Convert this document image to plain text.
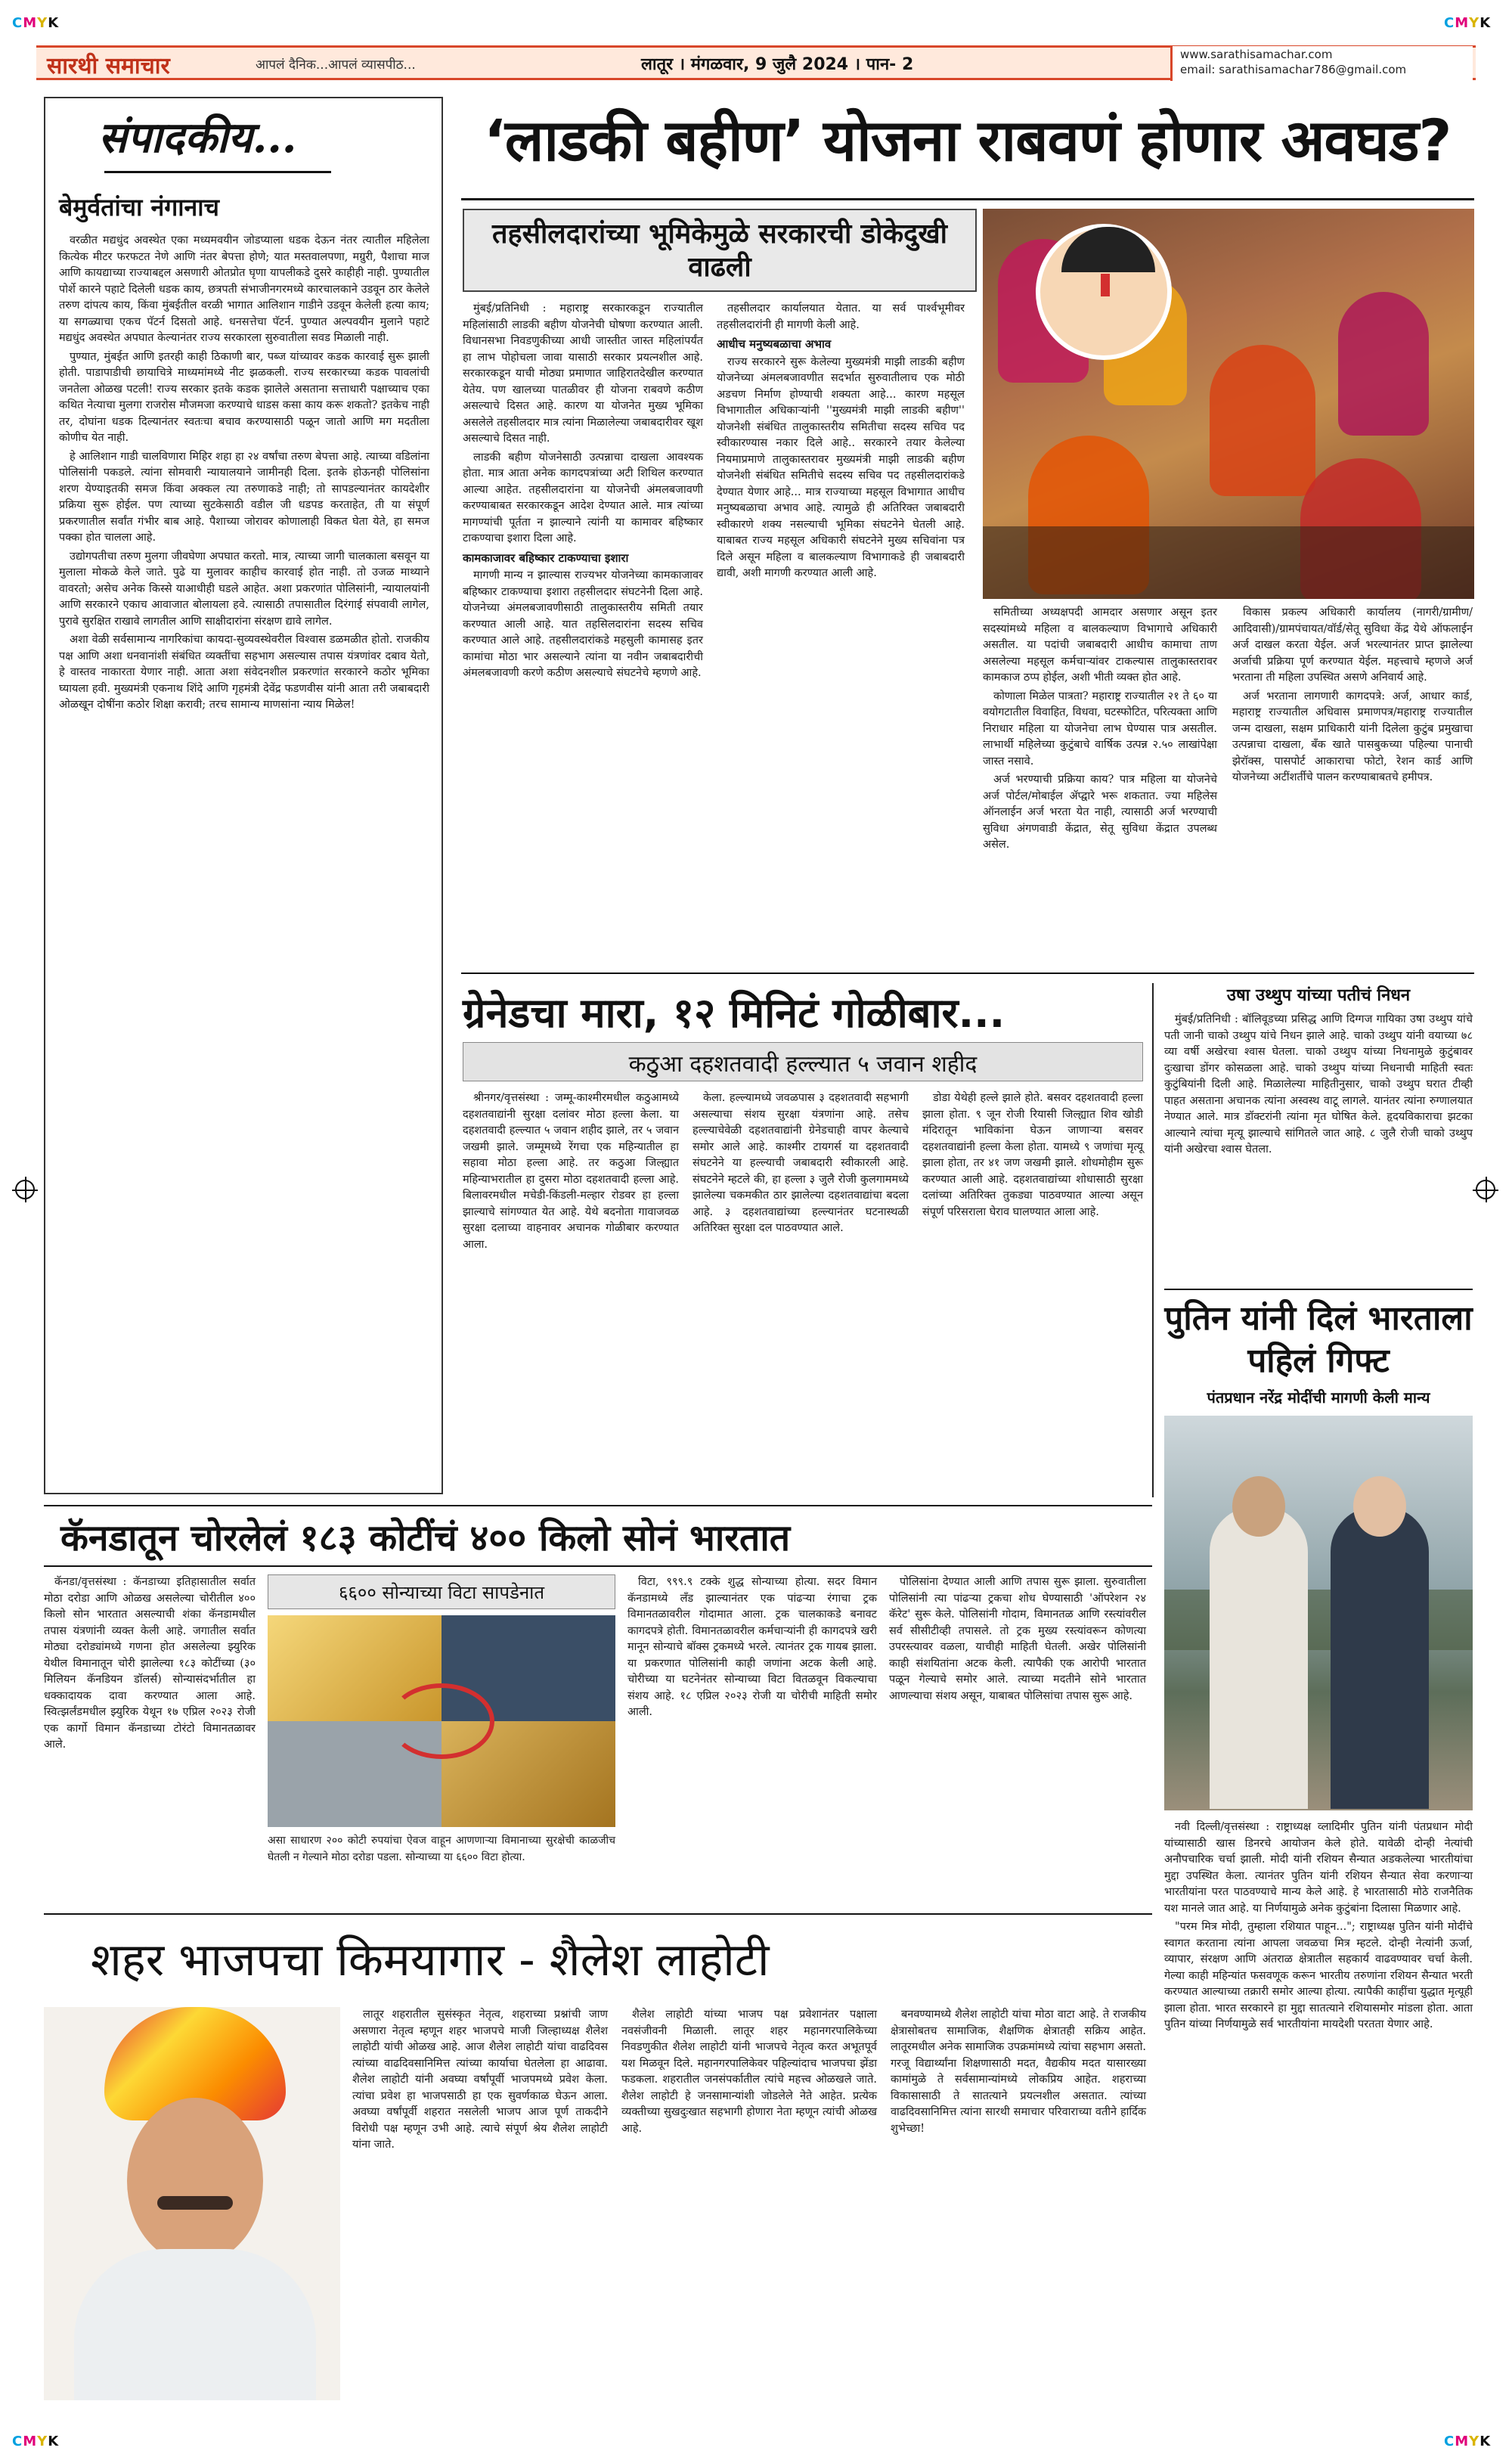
CMYK	CMYK
CMYK	CMYK
सारथी समाचार	आपलं दैनिक...आपलं व्यासपीठ...	लातूर । मंगळवार, 9 जुलै 2024 । पान- 2
www.sarathisamachar.com
email: sarathisamachar786@gmail.com
संपादकीय...
बेमुर्वतांचा नंगानाच

वरळीत मद्यधुंद अवस्थेत एका मध्यमवयीन जोडप्याला धडक देऊन नंतर त्यातील महिलेला कित्येक मीटर फरफटत नेणे आणि नंतर बेपत्ता होणे; यात मस्तवालपणा, मग्रुरी, पैशाचा माज आणि कायद्याच्या राज्याबद्दल असणारी ओतप्रोत घृणा यापलीकडे दुसरे काहीही नाही. पुण्यातील पोर्शे कारने पहाटे दिलेली धडक काय, छत्रपती संभाजीनगरमध्ये कारचालकाने उडवून ठार केलेले तरुण दांपत्य काय, किंवा मुंबईतील वरळी भागात आलिशान गाडीने उडवून केलेली हत्या काय; या सगळ्याचा एकच पॅटर्न दिसतो आहे. धनसत्तेचा पॅटर्न. पुण्यात अल्पवयीन मुलाने पहाटे मद्यधुंद अवस्थेत अपघात केल्यानंतर राज्य सरकारला सुरुवातीला सवड मिळाली नाही.

पुण्यात, मुंबईत आणि इतरही काही ठिकाणी बार, पब्ज यांच्यावर कडक कारवाई सुरू झाली होती. पाडापाडीची छायाचित्रे माध्यमांमध्ये नीट झळकली. राज्य सरकारच्या कडक पावलांची जनतेला ओळख पटली! राज्य सरकार इतके कडक झालेले असताना सत्ताधारी पक्षाच्याच एका कथित नेत्याचा मुलगा राजरोस मौजमजा करण्याचे धाडस कसा काय करू शकतो? इतकेच नाही तर, दोघांना धडक दिल्यानंतर स्वतःचा बचाव करण्यासाठी पळून जातो आणि मग मदतीला कोणीच येत नाही.

हे आलिशान गाडी चालविणारा मिहिर शहा हा २४ वर्षांचा तरुण बेपत्ता आहे. त्याच्या वडिलांना पोलिसांनी पकडले. त्यांना सोमवारी न्यायालयाने जामीनही दिला. इतके होऊनही पोलिसांना शरण येण्याइतकी समज किंवा अक्कल त्या तरुणाकडे नाही; तो सापडल्यानंतर कायदेशीर प्रक्रिया सुरू होईल. पण त्याच्या सुटकेसाठी वडील जी धडपड करताहेत, ती या संपूर्ण प्रकरणातील सर्वांत गंभीर बाब आहे. पैशाच्या जोरावर कोणालाही विकत घेता येते, हा समज पक्का होत चालला आहे.

उद्योगपतीचा तरुण मुलगा जीवघेणा अपघात करतो. मात्र, त्याच्या जागी चालकाला बसवून या मुलाला मोकळे केले जाते. पुढे या मुलावर काहीच कारवाई होत नाही. तो उजळ माथ्याने वावरतो; असेच अनेक किस्से याआधीही घडले आहेत. अशा प्रकरणांत पोलिसांनी, न्यायालयांनी आणि सरकारने एकाच आवाजात बोलायला हवे. त्यासाठी तपासातील दिरंगाई संपवावी लागेल, पुरावे सुरक्षित राखावे लागतील आणि साक्षीदारांना संरक्षण द्यावे लागेल.

अशा वेळी सर्वसामान्य नागरिकांचा कायदा-सुव्यवस्थेवरील विश्वास डळमळीत होतो. राजकीय पक्ष आणि अशा धनवानांशी संबंधित व्यक्तींचा सहभाग असल्यास तपास यंत्रणांवर दबाव येतो, हे वास्तव नाकारता येणार नाही. आता अशा संवेदनशील प्रकरणांत सरकारने कठोर भूमिका घ्यायला हवी. मुख्यमंत्री एकनाथ शिंदे आणि गृहमंत्री देवेंद्र फडणवीस यांनी आता तरी जबाबदारी ओळखून दोषींना कठोर शिक्षा करावी; तरच सामान्य माणसांना न्याय मिळेल!

‘लाडकी बहीण’ योजना राबवणं होणार अवघड?
तहसीलदारांच्या भूमिकेमुळे सरकारची डोकेदुखी वाढली

मुंबई/प्रतिनिधी : महाराष्ट्र सरकारकडून राज्यातील महिलांसाठी लाडकी बहीण योजनेची घोषणा करण्यात आली. विधानसभा निवडणुकीच्या आधी जास्तीत जास्त महिलांपर्यंत हा लाभ पोहोचला जावा यासाठी सरकार प्रयत्नशील आहे. सरकारकडून याची मोठ्या प्रमाणात जाहिरातदेखील करण्यात येतेय. पण खालच्या पातळीवर ही योजना राबवणे कठीण असल्याचे दिसत आहे. कारण या योजनेत मुख्य भूमिका असलेले तहसीलदार मात्र त्यांना मिळालेल्या जबाबदारीवर खूश असल्याचे दिसत नाही.

लाडकी बहीण योजनेसाठी उत्पन्नाचा दाखला आवश्यक होता. मात्र आता अनेक कागदपत्रांच्या अटी शिथिल करण्यात आल्या आहेत. तहसीलदारांना या योजनेची अंमलबजावणी करण्याबाबत सरकारकडून आदेश देण्यात आले. मात्र त्यांच्या मागण्यांची पूर्तता न झाल्याने त्यांनी या कामावर बहिष्कार टाकण्याचा इशारा दिला आहे.

कामकाजावर बहिष्कार टाकण्याचा इशारा

मागणी मान्य न झाल्यास राज्यभर योजनेच्या कामकाजावर बहिष्कार टाकण्याचा इशारा तहसीलदार संघटनेनी दिला आहे. योजनेच्या अंमलबजावणीसाठी तालुकास्तरीय समिती तयार करण्यात आली आहे. यात तहसिलदारांना सदस्य सचिव करण्यात आले आहे. तहसीलदारांकडे महसुली कामासह इतर कामांचा मोठा भार असल्याने त्यांना या नवीन जबाबदारीची अंमलबजावणी करणे कठीण असल्याचे संघटनेचे म्हणणे आहे.

तहसीलदार कार्यालयात येतात. या सर्व पार्श्वभूमीवर तहसीलदारांनी ही मागणी केली आहे.

आधीच मनुष्यबळाचा अभाव

राज्य सरकारने सुरू केलेल्या मुख्यमंत्री माझी लाडकी बहीण योजनेच्या अंमलबजावणीत सदर्भात सुरुवातीलाच एक मोठी अडचण निर्माण होण्याची शक्यता आहे... कारण महसूल विभागातील अधिकाऱ्यांनी ''मुख्यमंत्री माझी लाडकी बहीण'' योजनेशी संबंधित तालुकास्तरीय समितीचा सदस्य सचिव पद स्वीकारण्यास नकार दिले आहे.. सरकारने तयार केलेल्या नियमाप्रमाणे तालुकास्तरावर मुख्यमंत्री माझी लाडकी बहीण योजनेशी संबंधित समितीचे सदस्य सचिव पद तहसीलदारांकडे देण्यात येणार आहे... मात्र राज्याच्या महसूल विभागात आधीच मनुष्यबळाचा अभाव आहे. त्यामुळे ही अतिरिक्त जबाबदारी स्वीकारणे शक्य नसल्याची भूमिका संघटनेने घेतली आहे. याबाबत राज्य महसूल अधिकारी संघटनेने मुख्य सचिवांना पत्र दिले असून महिला व बालकल्याण विभागाकडे ही जबाबदारी द्यावी, अशी मागणी करण्यात आली आहे.

समितीच्या अध्यक्षपदी आमदार असणार असून इतर सदस्यांमध्ये महिला व बालकल्याण विभागाचे अधिकारी असतील. या पदांची जबाबदारी आधीच कामाचा ताण असलेल्या महसूल कर्मचाऱ्यांवर टाकल्यास तालुकास्तरावर कामकाज ठप्प होईल, अशी भीती व्यक्त होत आहे.

कोणाला मिळेल पात्रता? महाराष्ट्र राज्यातील २१ ते ६० या वयोगटातील विवाहित, विधवा, घटस्फोटित, परित्यक्ता आणि निराधार महिला या योजनेचा लाभ घेण्यास पात्र असतील. लाभार्थी महिलेच्या कुटुंबाचे वार्षिक उत्पन्न २.५० लाखांपेक्षा जास्त नसावे.

अर्ज भरण्याची प्रक्रिया काय? पात्र महिला या योजनेचे अर्ज पोर्टल/मोबाईल ॲप्द्वारे भरू शकतात. ज्या महिलेस ऑनलाईन अर्ज भरता येत नाही, त्यासाठी अर्ज भरण्याची सुविधा अंगणवाडी केंद्रात, सेतू सुविधा केंद्रात उपलब्ध असेल.

विकास प्रकल्प अधिकारी कार्यालय (नागरी/ग्रामीण/आदिवासी)/ग्रामपंचायत/वॉर्ड/सेतू सुविधा केंद्र येथे ऑफलाईन अर्ज दाखल करता येईल. अर्ज भरल्यानंतर प्राप्त झालेल्या अर्जाची प्रक्रिया पूर्ण करण्यात येईल. महत्त्वाचे म्हणजे अर्ज भरताना ती महिला उपस्थित असणे अनिवार्य आहे.

अर्ज भरताना लागणारी कागदपत्रे: अर्ज, आधार कार्ड, महाराष्ट्र राज्यातील अधिवास प्रमाणपत्र/महाराष्ट्र राज्यातील जन्म दाखला, सक्षम प्राधिकारी यांनी दिलेला कुटुंब प्रमुखाचा उत्पन्नाचा दाखला, बँक खाते पासबुकच्या पहिल्या पानाची झेरॉक्स, पासपोर्ट आकाराचा फोटो, रेशन कार्ड आणि योजनेच्या अटींशर्तीचे पालन करण्याबाबतचे हमीपत्र.

ग्रेनेडचा मारा, १२ मिनिटं गोळीबार...
कठुआ दहशतवादी हल्ल्यात ५ जवान शहीद

श्रीनगर/वृत्तसंस्था : जम्मू-काश्मीरमधील कठुआमध्ये दहशतवाद्यांनी सुरक्षा दलांवर मोठा हल्ला केला. या दहशतवादी हल्ल्यात ५ जवान शहीद झाले, तर ५ जवान जखमी झाले. जम्मूमध्ये रेंगचा एक महिन्यातील हा सहावा मोठा हल्ला आहे. तर कठुआ जिल्ह्यात महिन्याभरातील हा दुसरा मोठा दहशतवादी हल्ला आहे. बिलावरमधील मचेडी-किंडली-मल्हार रोडवर हा हल्ला झाल्याचे सांगण्यात येत आहे. येथे बदनोता गावाजवळ सुरक्षा दलाच्या वाहनावर अचानक गोळीबार करण्यात आला.

केला. हल्ल्यामध्ये जवळपास ३ दहशतवादी सहभागी असल्याचा संशय सुरक्षा यंत्रणांना आहे. तसेच हल्ल्याचेवेळी दहशतवाद्यांनी ग्रेनेडचाही वापर केल्याचे समोर आले आहे. काश्मीर टायगर्स या दहशतवादी संघटनेने या हल्ल्याची जबाबदारी स्वीकारली आहे. संघटनेने म्हटले की, हा हल्ला ३ जुलै रोजी कुलगाममध्ये झालेल्या चकमकीत ठार झालेल्या दहशतवाद्यांचा बदला आहे. ३ दहशतवाद्यांच्या हल्ल्यानंतर घटनास्थळी अतिरिक्त सुरक्षा दल पाठवण्यात आले.

डोडा येथेही हल्ले झाले होते. बसवर दहशतवादी हल्ला झाला होता. ९ जून रोजी रियासी जिल्ह्यात शिव खोडी मंदिरातून भाविकांना घेऊन जाणाऱ्या बसवर दहशतवाद्यांनी हल्ला केला होता. यामध्ये ९ जणांचा मृत्यू झाला होता, तर ४१ जण जखमी झाले. शोधमोहीम सुरू करण्यात आली आहे. दहशतवाद्यांच्या शोधासाठी सुरक्षा दलांच्या अतिरिक्त तुकड्या पाठवण्यात आल्या असून संपूर्ण परिसराला घेराव घालण्यात आला आहे.

उषा उथ्थुप यांच्या पतीचं निधन

मुंबई/प्रतिनिधी : बॉलिवूडच्या प्रसिद्ध आणि दिग्गज गायिका उषा उथ्थुप यांचे पती जानी चाको उथ्थुप यांचे निधन झाले आहे. चाको उथ्थुप यांनी वयाच्या ७८ व्या वर्षी अखेरचा श्वास घेतला. चाको उथ्थुप यांच्या निधनामुळे कुटुंबावर दुःखाचा डोंगर कोसळला आहे. चाको उथ्थुप यांच्या निधनाची माहिती स्वतः कुटुंबियांनी दिली आहे. मिळालेल्या माहितीनुसार, चाको उथ्थुप घरात टीव्ही पाहत असताना अचानक त्यांना अस्वस्थ वाटू लागले. यानंतर त्यांना रुग्णालयात नेण्यात आले. मात्र डॉक्टरांनी त्यांना मृत घोषित केले. हृदयविकाराचा झटका आल्याने त्यांचा मृत्यू झाल्याचे सांगितले जात आहे. ८ जुलै रोजी चाको उथ्थुप यांनी अखेरचा श्वास घेतला.

पुतिन यांनी दिलं भारताला पहिलं गिफ्ट
पंतप्रधान नरेंद्र मोदींची मागणी केली मान्य

नवी दिल्ली/वृत्तसंस्था : राष्ट्राध्यक्ष व्लादिमीर पुतिन यांनी पंतप्रधान मोदी यांच्यासाठी खास डिनरचे आयोजन केले होते. यावेळी दोन्ही नेत्यांची अनौपचारिक चर्चा झाली. मोदी यांनी रशियन सैन्यात अडकलेल्या भारतीयांचा मुद्दा उपस्थित केला. त्यानंतर पुतिन यांनी रशियन सैन्यात सेवा करणाऱ्या भारतीयांना परत पाठवण्याचे मान्य केले आहे. हे भारतासाठी मोठे राजनैतिक यश मानले जात आहे. या निर्णयामुळे अनेक कुटुंबांना दिलासा मिळणार आहे.

"परम मित्र मोदी, तुम्हाला रशियात पाहून..."; राष्ट्राध्यक्ष पुतिन यांनी मोदींचे स्वागत करताना त्यांना आपला जवळचा मित्र म्हटले. दोन्ही नेत्यांनी ऊर्जा, व्यापार, संरक्षण आणि अंतराळ क्षेत्रातील सहकार्य वाढवण्यावर चर्चा केली. गेल्या काही महिन्यांत फसवणूक करून भारतीय तरुणांना रशियन सैन्यात भरती करण्यात आल्याच्या तक्रारी समोर आल्या होत्या. त्यापैकी काहींचा युद्धात मृत्यूही झाला होता. भारत सरकारने हा मुद्दा सातत्याने रशियासमोर मांडला होता. आता पुतिन यांच्या निर्णयामुळे सर्व भारतीयांना मायदेशी परतता येणार आहे.

कॅनडातून चोरलेलं १८३ कोटींचं ४०० किलो सोनं भारतात

कॅनडा/वृत्तसंस्था : कॅनडाच्या इतिहासातील सर्वात मोठा दरोडा आणि ओळख असलेल्या चोरीतील ४०० किलो सोन भारतात असल्याची शंका कॅनडामधील तपास यंत्रणांनी व्यक्त केली आहे. जगातील सर्वात मोठ्या दरोड्यांमध्ये गणना होत असलेल्या झ्युरिक येथील विमानातून चोरी झालेल्या १८३ कोटींच्या (३० मिलियन कॅनडियन डॉलर्स) सोन्यासंदर्भातील हा धक्कादायक दावा करण्यात आला आहे. स्वित्झर्लंडमधील झ्युरिक येथून १७ एप्रिल २०२३ रोजी एक कार्गो विमान कॅनडाच्या टोरंटो विमानतळावर आले.

६६०० सोन्याच्या विटा सापडेनात

असा साधारण २०० कोटी रुपयांचा ऐवज वाहून आणणाऱ्या विमानाच्या सुरक्षेची काळजीच घेतली न गेल्याने मोठा दरोडा पडला. सोन्याच्या या ६६०० विटा होत्या.

विटा, ९९९.९ टक्के शुद्ध सोन्याच्या होत्या. सदर विमान कॅनडामध्ये लँड झाल्यानंतर एक पांढऱ्या रंगाचा ट्रक विमानतळावरील गोदामात आला. ट्रक चालकाकडे बनावट कागदपत्रे होती. विमानतळावरील कर्मचाऱ्यांनी ही कागदपत्रे खरी मानून सोन्याचे बॉक्स ट्रकमध्ये भरले. त्यानंतर ट्रक गायब झाला. या प्रकरणात पोलिसांनी काही जणांना अटक केली आहे. चोरीच्या या घटनेनंतर सोन्याच्या विटा वितळवून विकल्याचा संशय आहे. १८ एप्रिल २०२३ रोजी या चोरीची माहिती समोर आली.

पोलिसांना देण्यात आली आणि तपास सुरू झाला. सुरुवातीला पोलिसांनी त्या पांढऱ्या ट्रकचा शोध घेण्यासाठी 'ऑपरेशन २४ कॅरेट' सुरू केले. पोलिसांनी गोदाम, विमानतळ आणि रस्त्यांवरील सर्व सीसीटीव्ही तपासले. तो ट्रक मुख्य रस्त्यांवरून कोणत्या उपरस्त्यावर वळला, याचीही माहिती घेतली. अखेर पोलिसांनी काही संशयितांना अटक केली. त्यापैकी एक आरोपी भारतात पळून गेल्याचे समोर आले. त्याच्या मदतीने सोने भारतात आणल्याचा संशय असून, याबाबत पोलिसांचा तपास सुरू आहे.

शहर भाजपचा किमयागार - शैलेश लाहोटी

लातूर शहरातील सुसंस्कृत नेतृत्व, शहराच्या प्रश्नांची जाण असणारा नेतृत्व म्हणून शहर भाजपचे माजी जिल्हाध्यक्ष शैलेश लाहोटी यांची ओळख आहे. आज शैलेश लाहोटी यांचा वाढदिवस त्यांच्या वाढदिवसानिमित्त त्यांच्या कार्याचा घेतलेला हा आढावा. शैलेश लाहोटी यांनी अवघ्या वर्षांपूर्वी भाजपमध्ये प्रवेश केला. त्यांचा प्रवेश हा भाजपसाठी हा एक सुवर्णकाळ घेऊन आला. अवघ्या वर्षांपूर्वी शहरात नसलेली भाजप आज पूर्ण ताकदीने विरोधी पक्ष म्हणून उभी आहे. त्याचे संपूर्ण श्रेय शैलेश लाहोटी यांना जाते.

शैलेश लाहोटी यांच्या भाजप पक्ष प्रवेशानंतर पक्षाला नवसंजीवनी मिळाली. लातूर शहर महानगरपालिकेच्या निवडणुकीत शैलेश लाहोटी यांनी भाजपचे नेतृत्व करत अभूतपूर्व यश मिळवून दिले. महानगरपालिकेवर पहिल्यांदाच भाजपचा झेंडा फडकला. शहरातील जनसंपर्कातील त्यांचे महत्त्व ओळखले जाते. शैलेश लाहोटी हे जनसामान्यांशी जोडलेले नेते आहेत. प्रत्येक व्यक्तीच्या सुखदुःखात सहभागी होणारा नेता म्हणून त्यांची ओळख आहे.

बनवण्यामध्ये शैलेश लाहोटी यांचा मोठा वाटा आहे. ते राजकीय क्षेत्रासोबतच सामाजिक, शैक्षणिक क्षेत्रातही सक्रिय आहेत. लातूरमधील अनेक सामाजिक उपक्रमांमध्ये त्यांचा सहभाग असतो. गरजू विद्यार्थ्यांना शिक्षणासाठी मदत, वैद्यकीय मदत यासारख्या कामांमुळे ते सर्वसामान्यांमध्ये लोकप्रिय आहेत. शहराच्या विकासासाठी ते सातत्याने प्रयत्नशील असतात. त्यांच्या वाढदिवसानिमित्त त्यांना सारथी समाचार परिवाराच्या वतीने हार्दिक शुभेच्छा!
